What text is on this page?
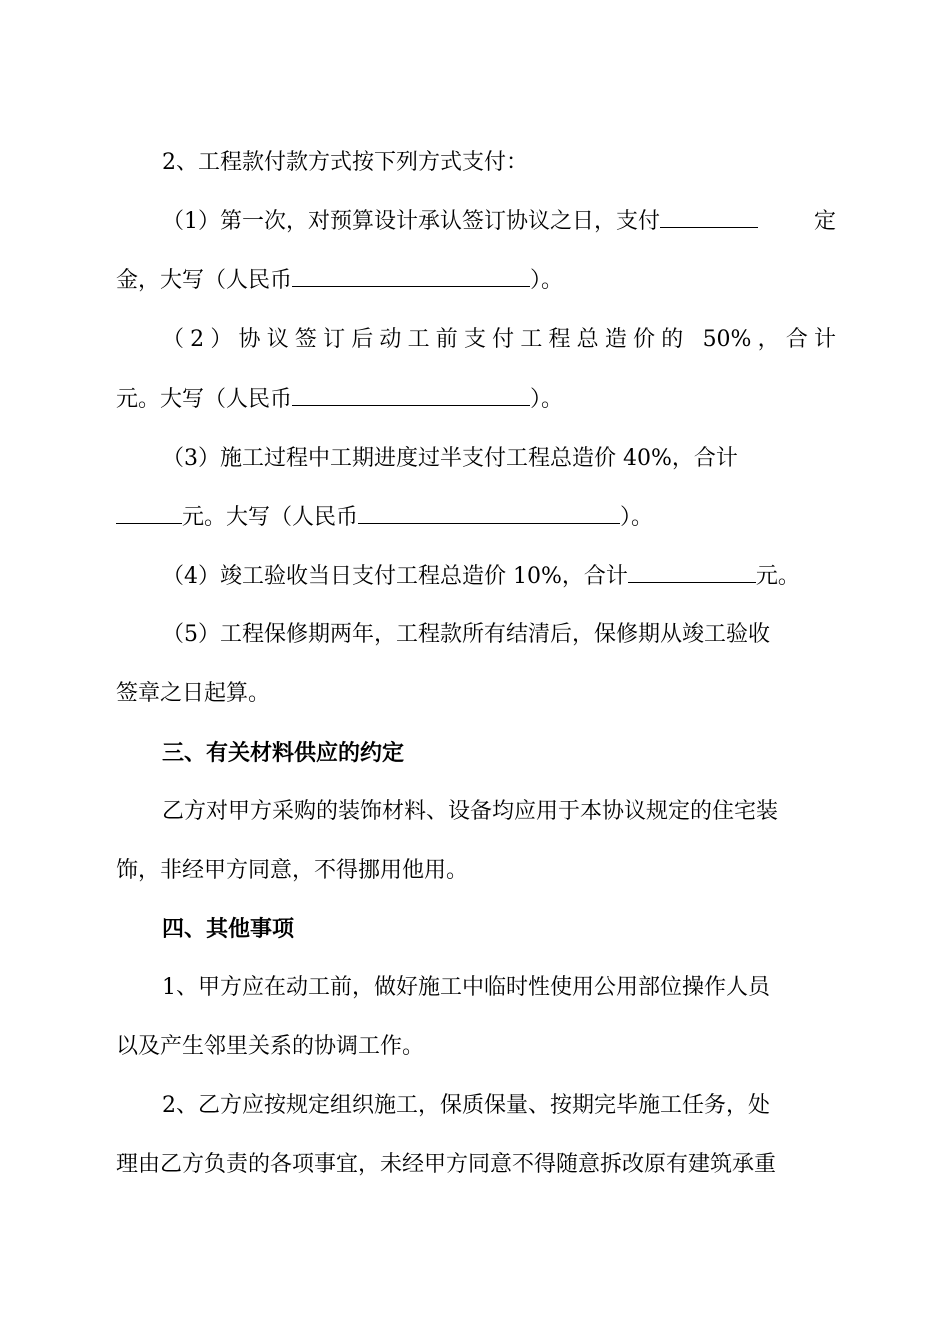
2、工程款付款方式按下列方式支付：
（1）第一次，对预算设计承认签订协议之日，支付	定
金，大写（人民币	）。
（2）协议签订后动工前支付工程总造价的 50%，合计
元。大写（人民币	）。
（3）施工过程中工期进度过半支付工程总造价 40%，合计
元。大写（人民币	）。
（4）竣工验收当日支付工程总造价 10%，合计	元。
（5）工程保修期两年，工程款所有结清后，保修期从竣工验收
签章之日起算。
三、有关材料供应的约定
乙方对甲方采购的装饰材料、设备均应用于本协议规定的住宅装
饰，非经甲方同意，不得挪用他用。
四、其他事项
1、甲方应在动工前，做好施工中临时性使用公用部位操作人员
以及产生邻里关系的协调工作。
2、乙方应按规定组织施工，保质保量、按期完毕施工任务，处
理由乙方负责的各项事宜，未经甲方同意不得随意拆改原有建筑承重
